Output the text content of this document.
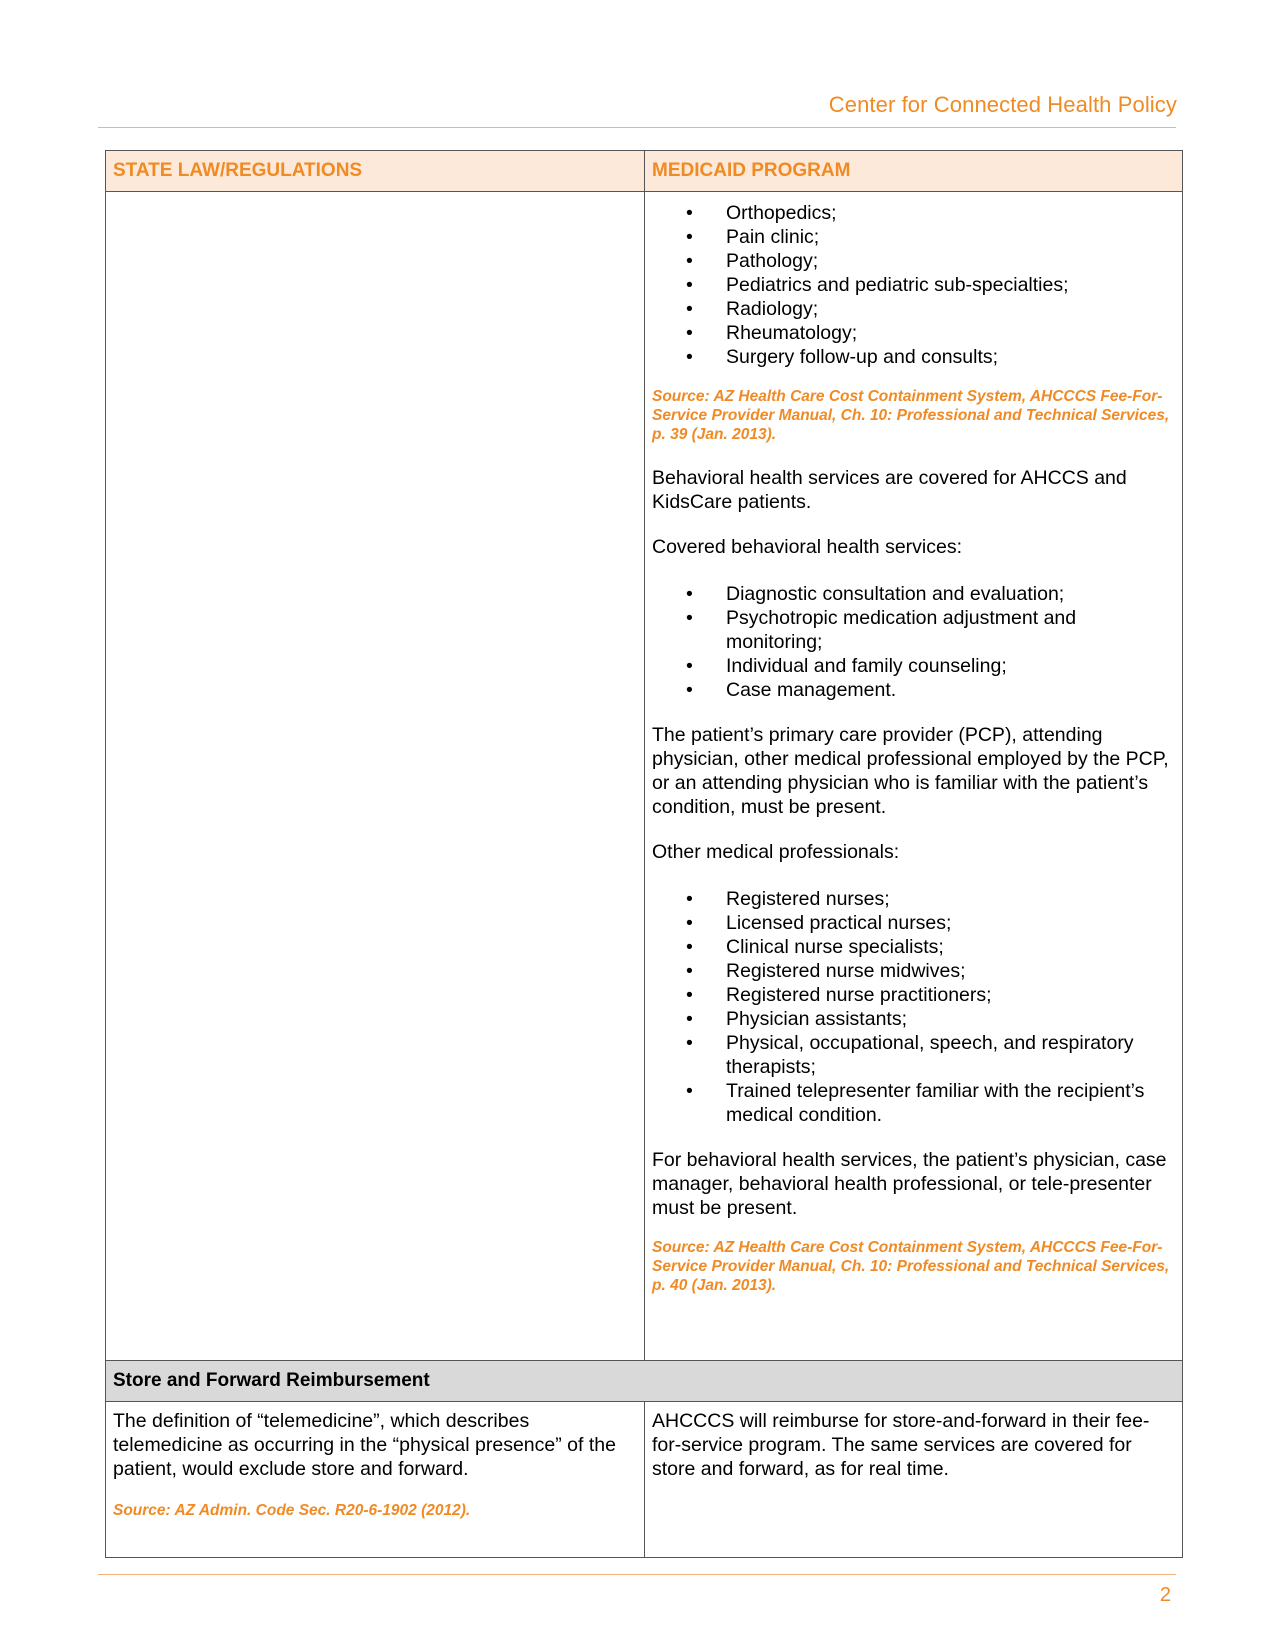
Center for Connected Health Policy
STATE LAW/REGULATIONS	MEDICAID PROGRAM
• Orthopedics;
• Pain clinic;
• Pathology;
• Pediatrics and pediatric sub-specialties;
• Radiology;
• Rheumatology;
• Surgery follow-up and consults;

Source: AZ Health Care Cost Containment System, AHCCCS Fee-For- Service Provider Manual, Ch. 10: Professional and Technical Services, p. 39 (Jan. 2013).

Behavioral health services are covered for AHCCS and KidsCare patients.

Covered behavioral health services:

• Diagnostic consultation and evaluation;
• Psychotropic medication adjustment and monitoring;
• Individual and family counseling;
• Case management.

The patient’s primary care provider (PCP), attending physician, other medical professional employed by the PCP, or an attending physician who is familiar with the patient’s condition, must be present.

Other medical professionals:

• Registered nurses;
• Licensed practical nurses;
• Clinical nurse specialists;
• Registered nurse midwives;
• Registered nurse practitioners;
• Physician assistants;
• Physical, occupational, speech, and respiratory therapists;
• Trained telepresenter familiar with the recipient’s medical condition.

For behavioral health services, the patient’s physician, case manager, behavioral health professional, or tele-presenter must be present.

Source: AZ Health Care Cost Containment System, AHCCCS Fee-For- Service Provider Manual, Ch. 10: Professional and Technical Services, p. 40 (Jan. 2013).

Store and Forward Reimbursement

The definition of “telemedicine”, which describes telemedicine as occurring in the “physical presence” of the patient, would exclude store and forward.

Source: AZ Admin. Code Sec. R20-6-1902 (2012).

AHCCCS will reimburse for store-and-forward in their fee-for-service program. The same services are covered for store and forward, as for real time.

2
